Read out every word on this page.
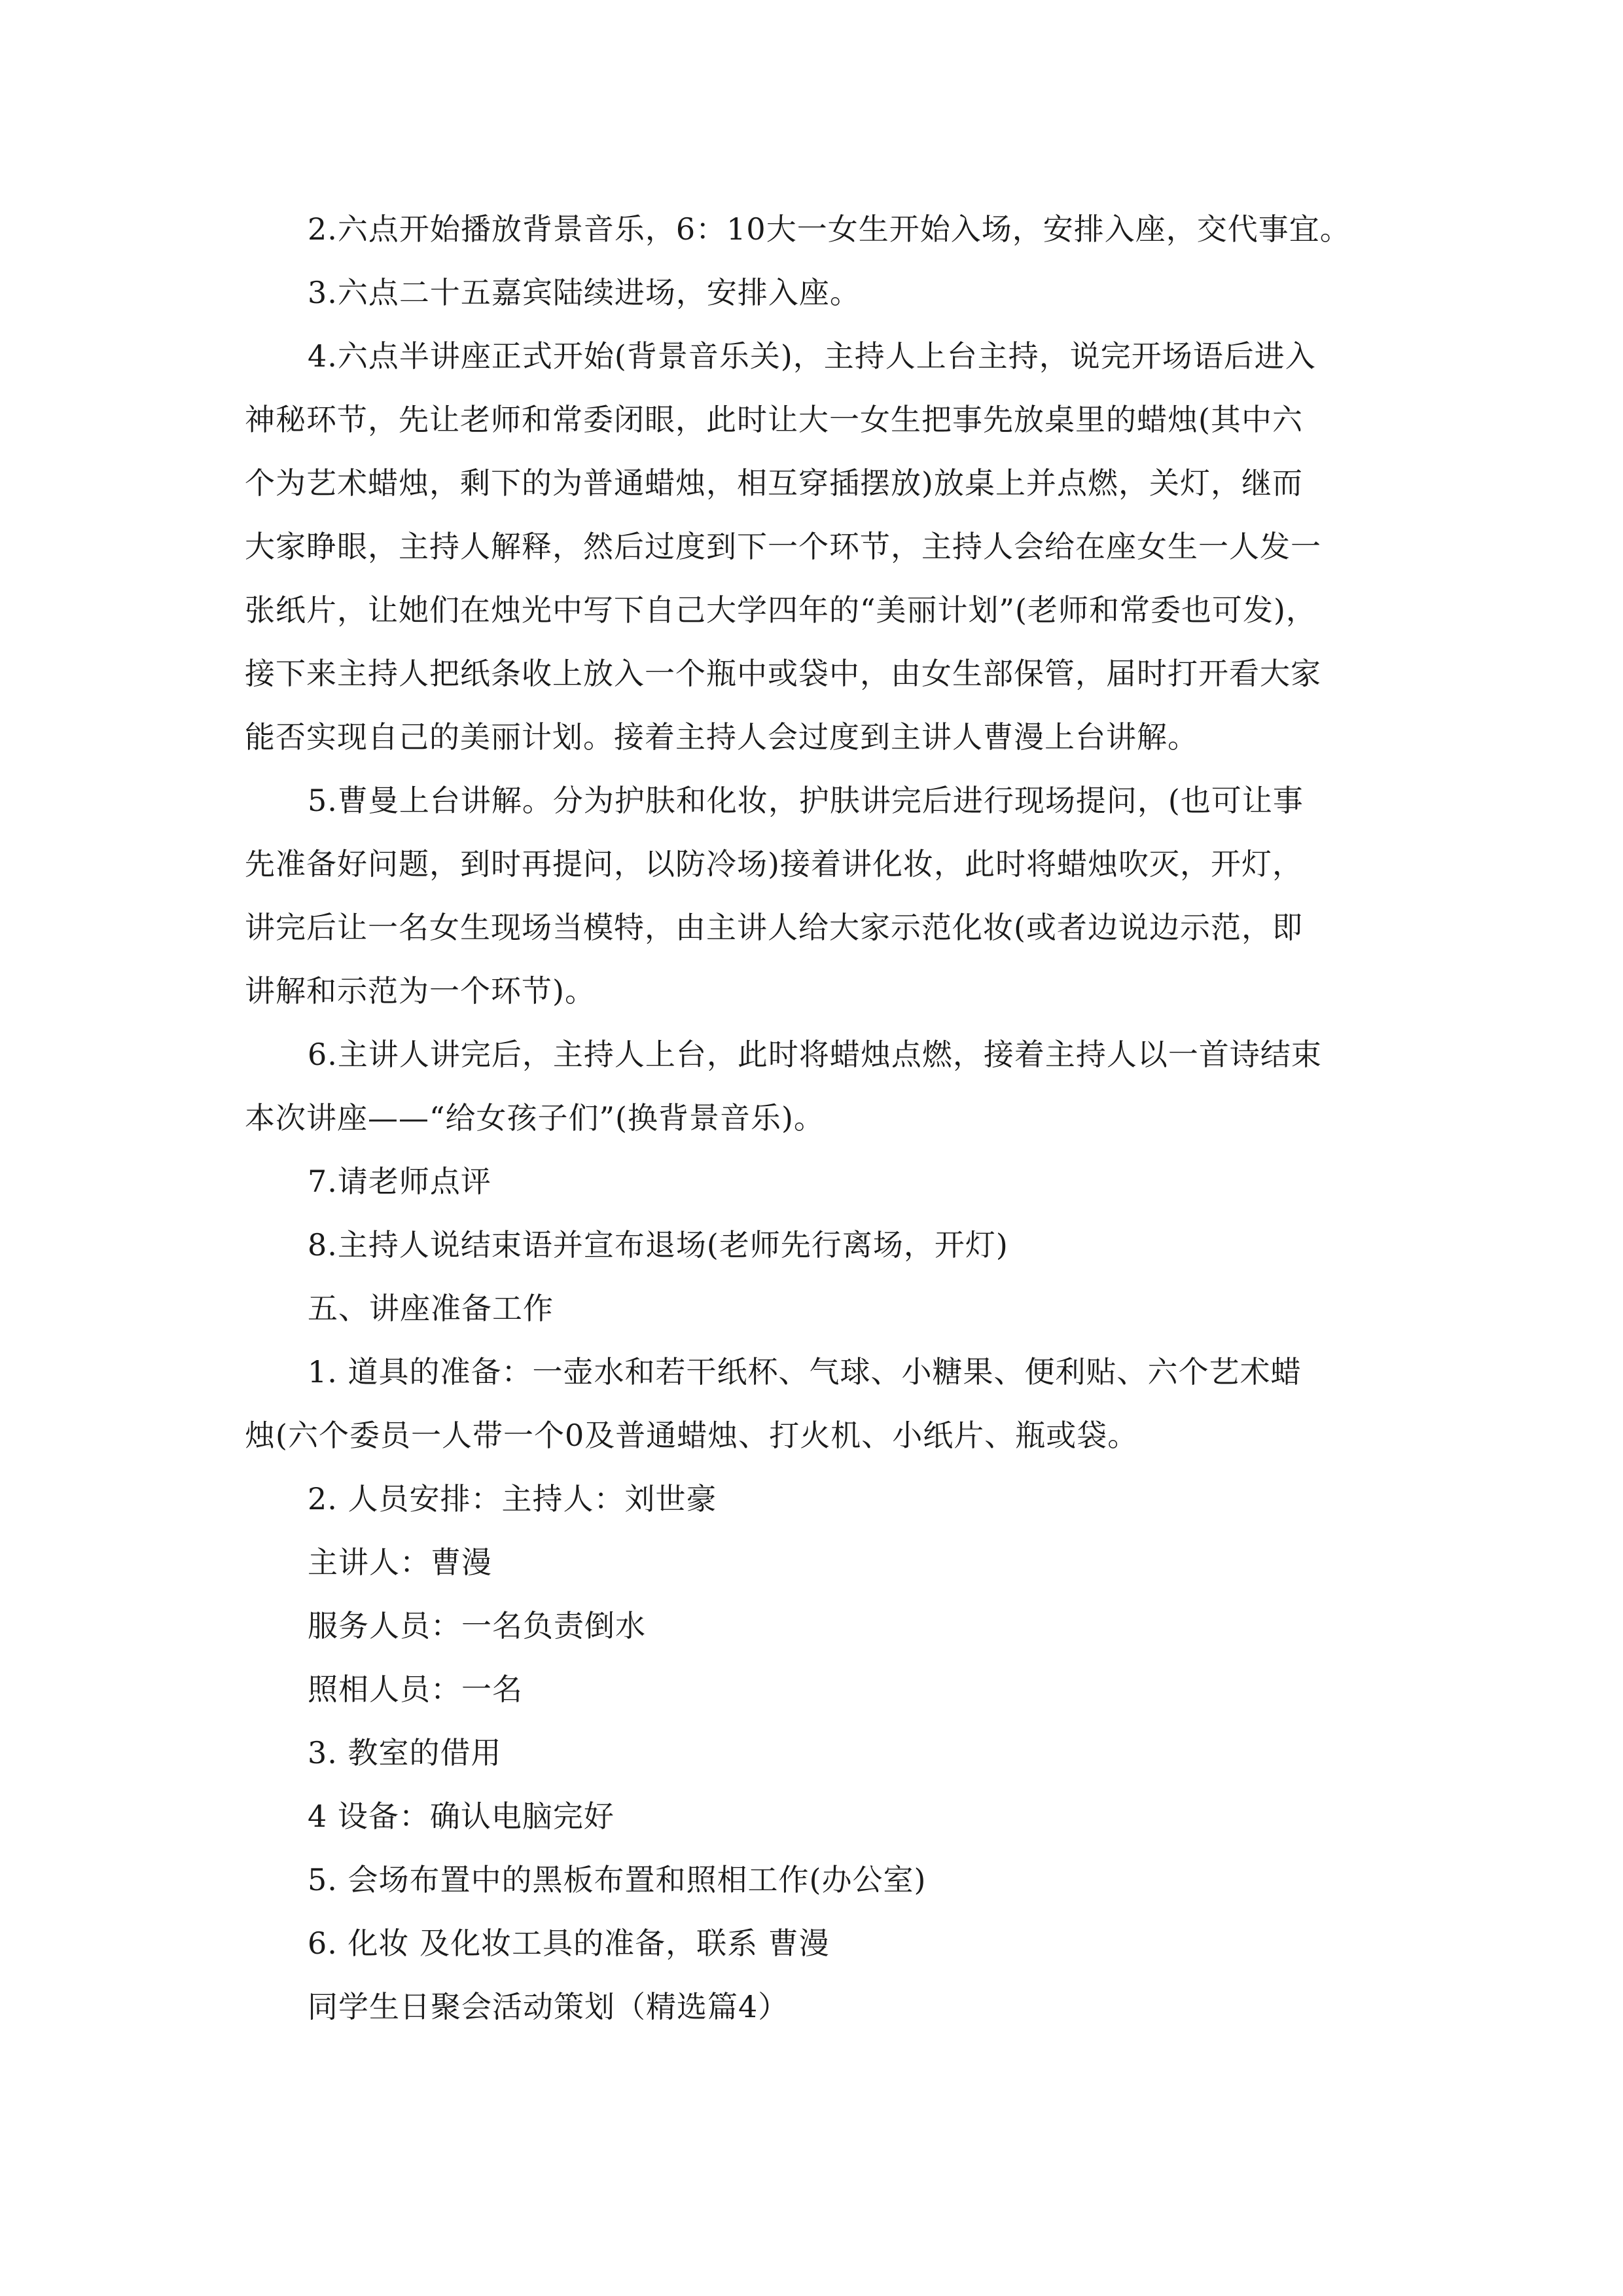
2.六点开始播放背景音乐，6：10大一女生开始入场，安排入座，交代事宜。
3.六点二十五嘉宾陆续进场，安排入座。
4.六点半讲座正式开始(背景音乐关)，主持人上台主持，说完开场语后进入
神秘环节，先让老师和常委闭眼，此时让大一女生把事先放桌里的蜡烛(其中六
个为艺术蜡烛，剩下的为普通蜡烛，相互穿插摆放)放桌上并点燃，关灯，继而
大家睁眼，主持人解释，然后过度到下一个环节，主持人会给在座女生一人发一
张纸片，让她们在烛光中写下自己大学四年的“美丽计划”(老师和常委也可发)，
接下来主持人把纸条收上放入一个瓶中或袋中，由女生部保管，届时打开看大家
能否实现自己的美丽计划。接着主持人会过度到主讲人曹漫上台讲解。
5.曹曼上台讲解。分为护肤和化妆，护肤讲完后进行现场提问，(也可让事
先准备好问题，到时再提问，以防冷场)接着讲化妆，此时将蜡烛吹灭，开灯，
讲完后让一名女生现场当模特，由主讲人给大家示范化妆(或者边说边示范，即
讲解和示范为一个环节)。
6.主讲人讲完后，主持人上台，此时将蜡烛点燃，接着主持人以一首诗结束
本次讲座——“给女孩子们”(换背景音乐)。
7.请老师点评
8.主持人说结束语并宣布退场(老师先行离场，开灯)
五、讲座准备工作
1. 道具的准备：一壶水和若干纸杯、气球、小糖果、便利贴、六个艺术蜡
烛(六个委员一人带一个0及普通蜡烛、打火机、小纸片、瓶或袋。
2. 人员安排：主持人：刘世豪
主讲人：曹漫
服务人员：一名负责倒水
照相人员：一名
3. 教室的借用
4 设备：确认电脑完好
5. 会场布置中的黑板布置和照相工作(办公室)
6. 化妆 及化妆工具的准备，联系 曹漫
同学生日聚会活动策划（精选篇4）
